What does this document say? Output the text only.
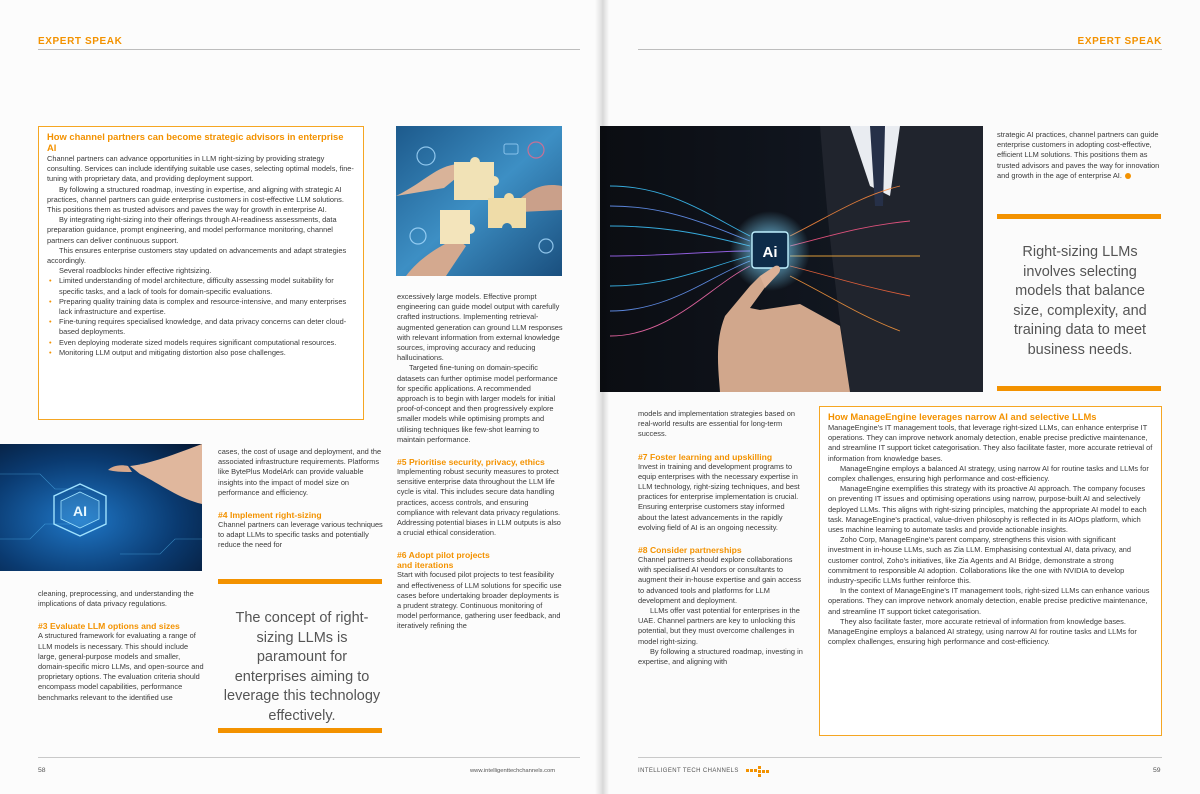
EXPERT SPEAK
How channel partners can become strategic advisors in enterprise AI

Channel partners can advance opportunities in LLM right-sizing by providing strategy consulting. Services can include identifying suitable use cases, selecting optimal models, fine-tuning with proprietary data, and providing deployment support.

By following a structured roadmap, investing in expertise, and aligning with strategic AI practices, channel partners can guide enterprise customers in cost-effective LLM solutions. This positions them as trusted advisors and paves the way for growth in enterprise AI.

By integrating right-sizing into their offerings through AI-readiness assessments, data preparation guidance, prompt engineering, and model performance monitoring, channel partners can deliver continuous support.

This ensures enterprise customers stay updated on advancements and adapt strategies accordingly.

Several roadblocks hinder effective rightsizing.

• Limited understanding of model architecture, difficulty assessing model suitability for specific tasks, and a lack of tools for domain-specific evaluations.
• Preparing quality training data is complex and resource-intensive, and many enterprises lack infrastructure and expertise.
• Fine-tuning requires specialised knowledge, and data privacy concerns can deter cloud-based deployments.
• Even deploying moderate sized models requires significant computational resources.
• Monitoring LLM output and mitigating distortion also pose challenges.
AI

cases, the cost of usage and deployment, and the associated infrastructure requirements. Platforms like BytePlus ModelArk can provide valuable insights into the impact of model size on performance and efficiency.

#4 Implement right-sizing

Channel partners can leverage various techniques to adapt LLMs to specific tasks and potentially reduce the need for

cleaning, preprocessing, and understanding the implications of data privacy regulations.

#3 Evaluate LLM options and sizes

A structured framework for evaluating a range of LLM models is necessary. This should include large, general-purpose models and smaller, domain-specific micro LLMs, and open-source and proprietary options. The evaluation criteria should encompass model capabilities, performance benchmarks relevant to the identified use

The concept of right-sizing LLMs is paramount for enterprises aiming to leverage this technology effectively.

excessively large models. Effective prompt engineering can guide model output with carefully crafted instructions. Implementing retrieval-augmented generation can ground LLM responses with relevant information from external knowledge sources, improving accuracy and reducing hallucinations.

Targeted fine-tuning on domain-specific datasets can further optimise model performance for specific applications. A recommended approach is to begin with larger models for initial proof-of-concept and then progressively explore smaller models while optimising prompts and utilising techniques like few-shot learning to maintain performance.

#5 Prioritise security, privacy, ethics

Implementing robust security measures to protect sensitive enterprise data throughout the LLM life cycle is vital. This includes secure data handling practices, access controls, and ensuring compliance with relevant data privacy regulations. Addressing potential biases in LLM outputs is also a crucial ethical consideration.

#6 Adopt pilot projects
and iterations

Start with focused pilot projects to test feasibility and effectiveness of LLM solutions for specific use cases before undertaking broader deployments is a prudent strategy. Continuous monitoring of model performance, gathering user feedback, and iteratively refining the

58	www.intelligenttechchannels.com
EXPERT SPEAK
Ai

strategic AI practices, channel partners can guide enterprise customers in adopting cost-effective, efficient LLM solutions. This positions them as trusted advisors and paves the way for innovation and growth in the age of enterprise AI.

Right-sizing LLMs involves selecting models that balance size, complexity, and training data to meet business needs.

models and implementation strategies based on real-world results are essential for long-term success.

#7 Foster learning and upskilling

Invest in training and development programs to equip enterprises with the necessary expertise in LLM technology, right-sizing techniques, and best practices for enterprise implementation is crucial. Ensuring enterprise customers stay informed about the latest advancements in the rapidly evolving field of AI is an ongoing necessity.

#8 Consider partnerships

Channel partners should explore collaborations with specialised AI vendors or consultants to augment their in-house expertise and gain access to advanced tools and platforms for LLM development and deployment.

LLMs offer vast potential for enterprises in the UAE. Channel partners are key to unlocking this potential, but they must overcome challenges in model right-sizing.

By following a structured roadmap, investing in expertise, and aligning with

How ManageEngine leverages narrow AI and selective LLMs

ManageEngine's IT management tools, that leverage right-sized LLMs, can enhance enterprise IT operations. They can improve network anomaly detection, enable precise predictive maintenance, and streamline IT support ticket categorisation. They also facilitate faster, more accurate retrieval of information from knowledge bases.

ManageEngine employs a balanced AI strategy, using narrow AI for routine tasks and LLMs for complex challenges, ensuring high performance and cost-efficiency.

ManageEngine exemplifies this strategy with its proactive AI approach. The company focuses on preventing IT issues and optimising operations using narrow, purpose-built AI and selectively deployed LLMs. This aligns with right-sizing principles, matching the appropriate AI model to each task. ManageEngine's practical, value-driven philosophy is reflected in its AIOps platform, which uses machine learning to automate tasks and provide actionable insights.

Zoho Corp, ManageEngine's parent company, strengthens this vision with significant investment in in-house LLMs, such as Zia LLM. Emphasising contextual AI, data privacy, and customer control, Zoho's initiatives, like Zia Agents and AI Bridge, demonstrate a strong commitment to responsible AI adoption. Collaborations like the one with NVIDIA to develop industry-specific LLMs further reinforce this.

In the context of ManageEngine's IT management tools, right-sized LLMs can enhance various operations. They can improve network anomaly detection, enable precise predictive maintenance, and streamline IT support ticket categorisation.

They also facilitate faster, more accurate retrieval of information from knowledge bases. ManageEngine employs a balanced AI strategy, using narrow AI for routine tasks and LLMs for complex challenges, ensuring high performance and cost-efficiency.

INTELLIGENT TECH CHANNELS	59
